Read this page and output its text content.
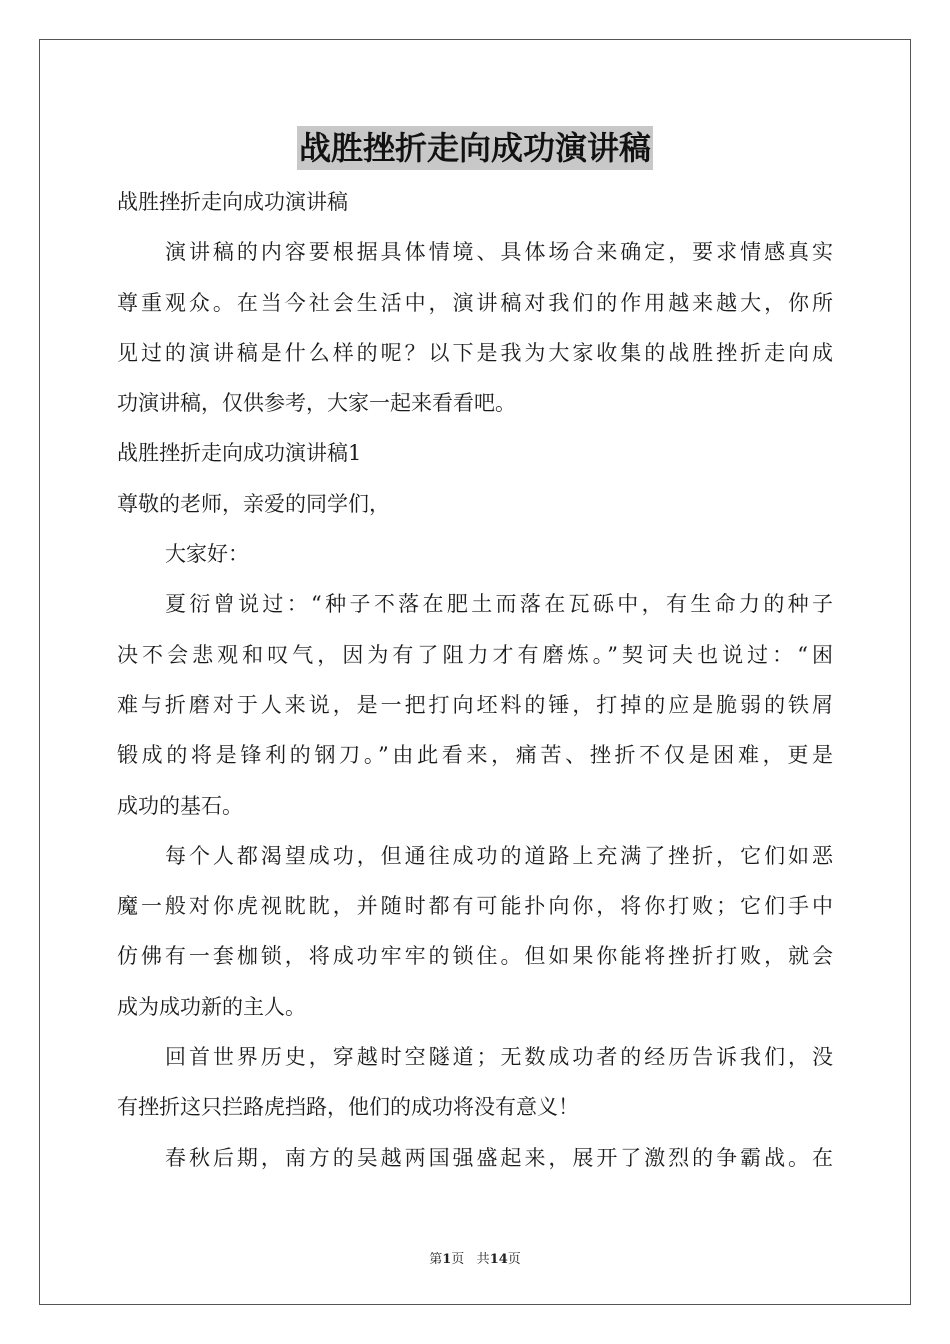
战胜挫折走向成功演讲稿
战胜挫折走向成功演讲稿
演讲稿的内容要根据具体情境、具体场合来确定，要求情感真实
尊重观众。在当今社会生活中，演讲稿对我们的作用越来越大，你所
见过的演讲稿是什么样的呢？以下是我为大家收集的战胜挫折走向成
功演讲稿，仅供参考，大家一起来看看吧。
战胜挫折走向成功演讲稿1
尊敬的老师，亲爱的同学们，
大家好：
夏衍曾说过：“种子不落在肥土而落在瓦砾中，有生命力的种子
决不会悲观和叹气，因为有了阻力才有磨炼。”契诃夫也说过：“困
难与折磨对于人来说，是一把打向坯料的锤，打掉的应是脆弱的铁屑
锻成的将是锋利的钢刀。”由此看来，痛苦、挫折不仅是困难，更是
成功的基石。
每个人都渴望成功，但通往成功的道路上充满了挫折，它们如恶
魔一般对你虎视眈眈，并随时都有可能扑向你，将你打败；它们手中
仿佛有一套枷锁，将成功牢牢的锁住。但如果你能将挫折打败，就会
成为成功新的主人。
回首世界历史，穿越时空隧道；无数成功者的经历告诉我们，没
有挫折这只拦路虎挡路，他们的成功将没有意义！
春秋后期，南方的吴越两国强盛起来，展开了激烈的争霸战。在
第1页 共14页
